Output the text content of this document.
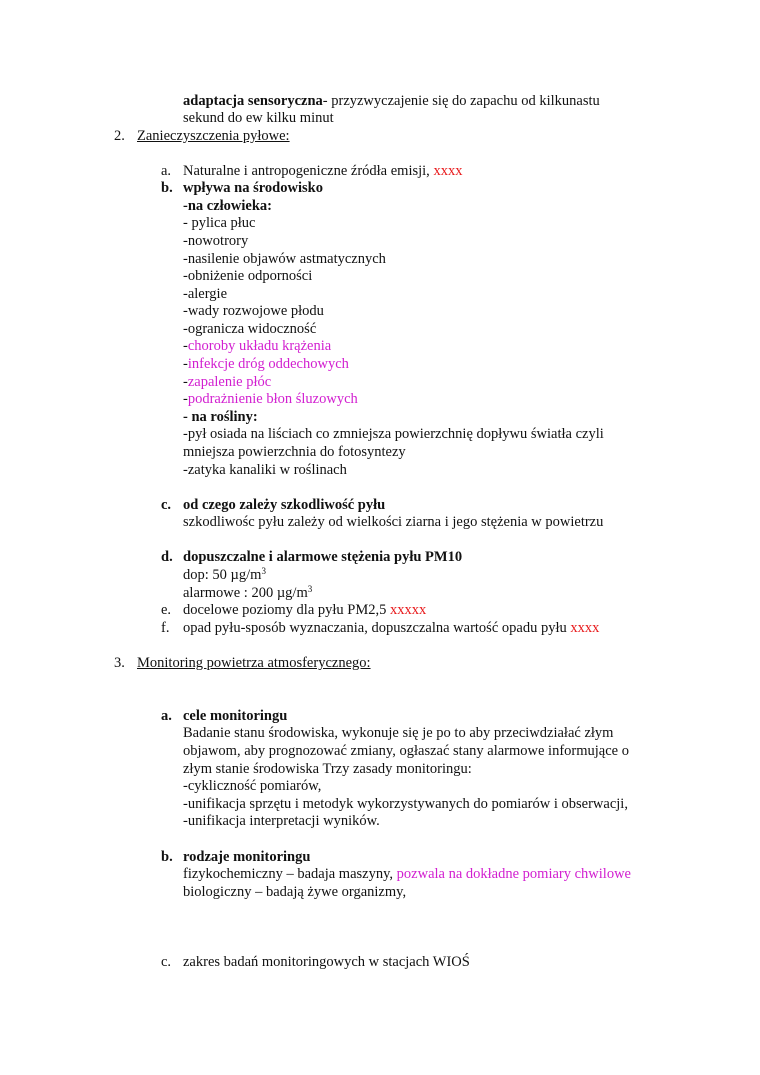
adaptacja sensoryczna- przyzwyczajenie się do zapachu od kilkunastu
sekund do ew kilku minut
2. Zanieczyszczenia pyłowe:
a. Naturalne i antropogeniczne źródła emisji, xxxx
b. wpływa na środowisko
-na człowieka:
- pylica płuc
-nowotrory
-nasilenie objawów astmatycznych
-obniżenie odporności
-alergie
-wady rozwojowe płodu
-ogranicza widoczność
-choroby układu krążenia
-infekcje dróg oddechowych
-zapalenie płóc
-podrażnienie błon śluzowych
- na rośliny:
-pył osiada na liściach co zmniejsza powierzchnię dopływu światła czyli
mniejsza powierzchnia do fotosyntezy
-zatyka kanaliki w roślinach
c. od czego zależy szkodliwość pyłu
szkodliwośc pyłu zależy od wielkości ziarna i jego stężenia w powietrzu
d. dopuszczalne i alarmowe stężenia pyłu PM10
dop: 50 $\mu g/m^3$
alarmowe : 200 $\mu g/m^3$
e. docelowe poziomy dla pyłu PM2,5 xxxxx
f. opad pyłu-sposób wyznaczania, dopuszczalna wartość opadu pyłu xxxx
3. Monitoring powietrza atmosferycznego:
a. cele monitoringu
Badanie stanu środowiska, wykonuje się je po to aby przeciwdziałać złym
objawom, aby prognozować zmiany, ogłaszać stany alarmowe informujące o
złym stanie środowiska Trzy zasady monitoringu:
-cykliczność pomiarów,
-unifikacja sprzętu i metodyk wykorzystywanych do pomiarów i obserwacji,
-unifikacja interpretacji wyników.
b. rodzaje monitoringu
fizykochemiczny – badaja maszyny, pozwala na dokładne pomiary chwilowe
biologiczny – badają żywe organizmy,
c. zakres badań monitoringowych w stacjach WIOŚ
